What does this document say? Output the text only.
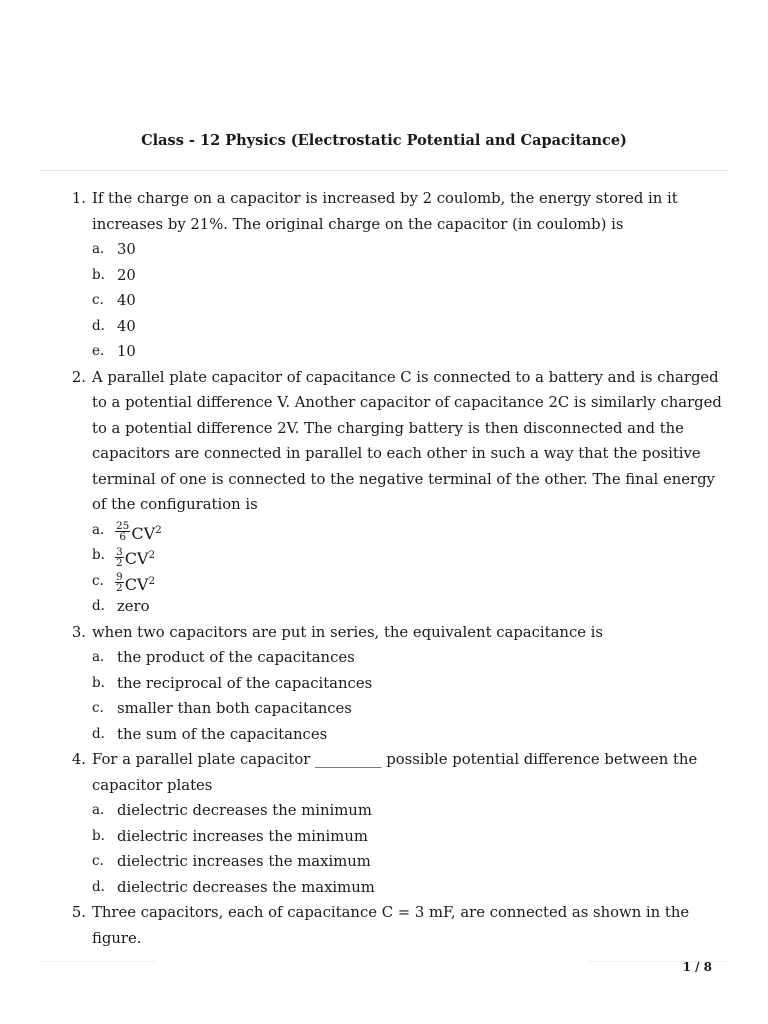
Class - 12 Physics (Electrostatic Potential and Capacitance)
1. If the charge on a capacitor is increased by 2 coulomb, the energy stored in it increases by 21%. The original charge on the capacitor (in coulomb) is
a. 30
b. 20
c. 40
d. 40
e. 10
2. A parallel plate capacitor of capacitance C is connected to a battery and is charged to a potential difference V. Another capacitor of capacitance 2C is similarly charged to a potential difference 2V. The charging battery is then disconnected and the capacitors are connected in parallel to each other in such a way that the positive terminal of one is connected to the negative terminal of the other. The final energy of the configuration is
a.	$\frac{25}{6} CV^2$
b. $\frac{3}{2} CV^2$
c.	$\frac{9}{2} CV^2$
d. zero
3. when two capacitors are put in series, the equivalent capacitance is
a. the product of the capacitances
b. the reciprocal of the capacitances
c. smaller than both capacitances
d. the sum of the capacitances
4. For a parallel plate capacitor _________ possible potential difference between the capacitor plates
a. dielectric decreases the minimum
b. dielectric increases the minimum
c. dielectric increases the maximum
d. dielectric decreases the maximum
5. Three capacitors, each of capacitance C = 3 mF, are connected as shown in the figure.
1 / 8
